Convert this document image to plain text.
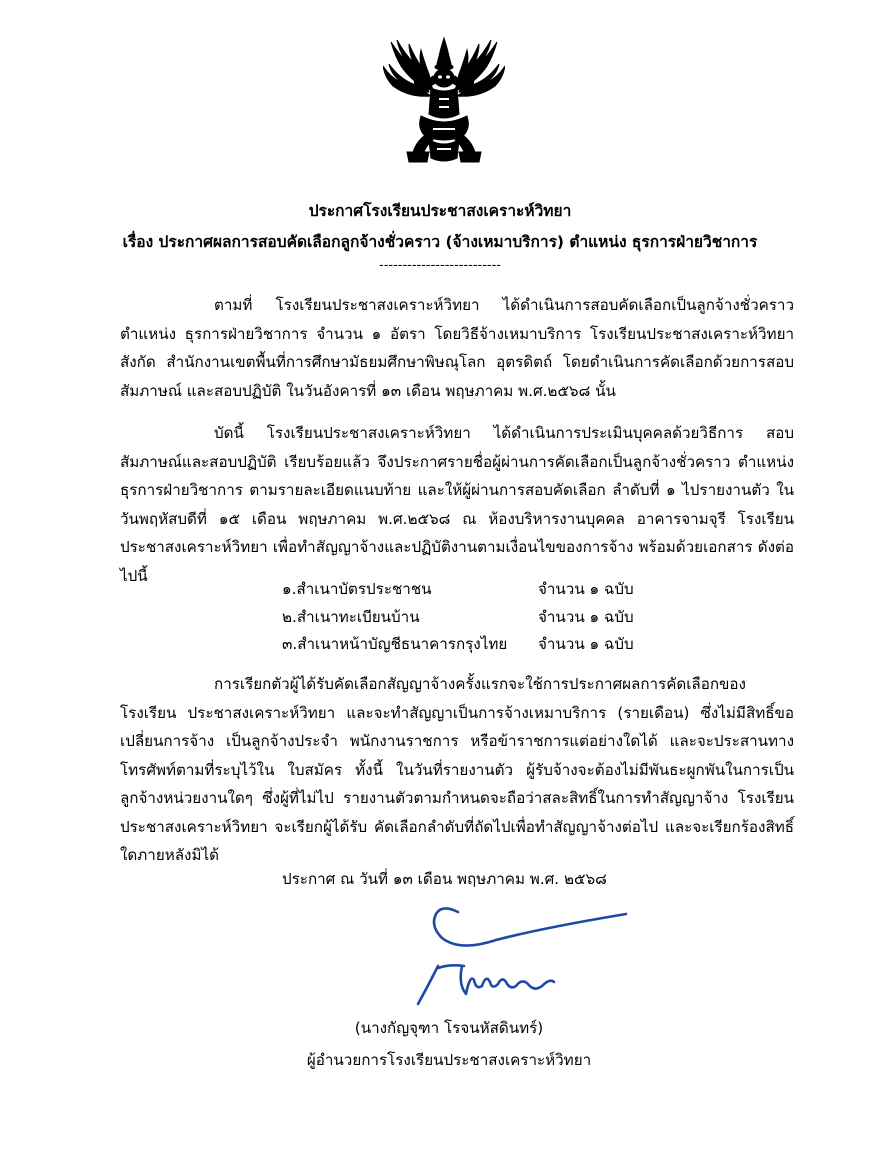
ประกาศโรงเรียนประชาสงเคราะห์วิทยา
เรื่อง ประกาศผลการสอบคัดเลือกลูกจ้างชั่วคราว (จ้างเหมาบริการ) ตำแหน่ง ธุรการฝ่ายวิชาการ
--------------------------
ตามที่ โรงเรียนประชาสงเคราะห์วิทยา ได้ดำเนินการสอบคัดเลือกเป็นลูกจ้างชั่วคราว ตำแหน่ง ธุรการฝ่ายวิชาการ จำนวน ๑ อัตรา โดยวิธีจ้างเหมาบริการ โรงเรียนประชาสงเคราะห์วิทยา สังกัด สำนักงานเขตพื้นที่การศึกษามัธยมศึกษาพิษณุโลก อุตรดิตถ์ โดยดำเนินการคัดเลือกด้วยการสอบสัมภาษณ์ และสอบปฏิบัติ ในวันอังคารที่ ๑๓ เดือน พฤษภาคม พ.ศ.๒๕๖๘ นั้น
บัดนี้ โรงเรียนประชาสงเคราะห์วิทยา ได้ดำเนินการประเมินบุคคลด้วยวิธีการ สอบสัมภาษณ์และสอบปฏิบัติ เรียบร้อยแล้ว จึงประกาศรายชื่อผู้ผ่านการคัดเลือกเป็นลูกจ้างชั่วคราว ตำแหน่ง ธุรการฝ่ายวิชาการ ตามรายละเอียดแนบท้าย และให้ผู้ผ่านการสอบคัดเลือก ลำดับที่ ๑ ไปรายงานตัว ในวันพฤหัสบดีที่ ๑๕ เดือน พฤษภาคม พ.ศ.๒๕๖๘ ณ ห้องบริหารงานบุคคล อาคารจามจุรี โรงเรียนประชาสงเคราะห์วิทยา เพื่อทำสัญญาจ้างและปฏิบัติงานตามเงื่อนไขของการจ้าง พร้อมด้วยเอกสาร ดังต่อไปนี้
๑.สำเนาบัตรประชาชน	จำนวน ๑ ฉบับ
๒.สำเนาทะเบียนบ้าน	จำนวน ๑ ฉบับ
๓.สำเนาหน้าบัญชีธนาคารกรุงไทย จำนวน ๑ ฉบับ
การเรียกตัวผู้ได้รับคัดเลือกสัญญาจ้างครั้งแรกจะใช้การประกาศผลการคัดเลือกของโรงเรียน ประชาสงเคราะห์วิทยา และจะทำสัญญาเป็นการจ้างเหมาบริการ (รายเดือน) ซึ่งไม่มีสิทธิ์ขอเปลี่ยนการจ้าง เป็นลูกจ้างประจำ พนักงานราชการ หรือข้าราชการแต่อย่างใดได้ และจะประสานทางโทรศัพท์ตามที่ระบุไว้ใน ใบสมัคร ทั้งนี้ ในวันที่รายงานตัว ผู้รับจ้างจะต้องไม่มีพันธะผูกพันในการเป็นลูกจ้างหน่วยงานใดๆ ซึ่งผู้ที่ไม่ไป รายงานตัวตามกำหนดจะถือว่าสละสิทธิ์ในการทำสัญญาจ้าง โรงเรียนประชาสงเคราะห์วิทยา จะเรียกผู้ได้รับ คัดเลือกลำดับที่ถัดไปเพื่อทำสัญญาจ้างต่อไป และจะเรียกร้องสิทธิ์ใดภายหลังมิได้
ประกาศ ณ วันที่ ๑๓ เดือน พฤษภาคม พ.ศ. ๒๕๖๘
(นางกัญจุฑา โรจนหัสดินทร์)
ผู้อำนวยการโรงเรียนประชาสงเคราะห์วิทยา
